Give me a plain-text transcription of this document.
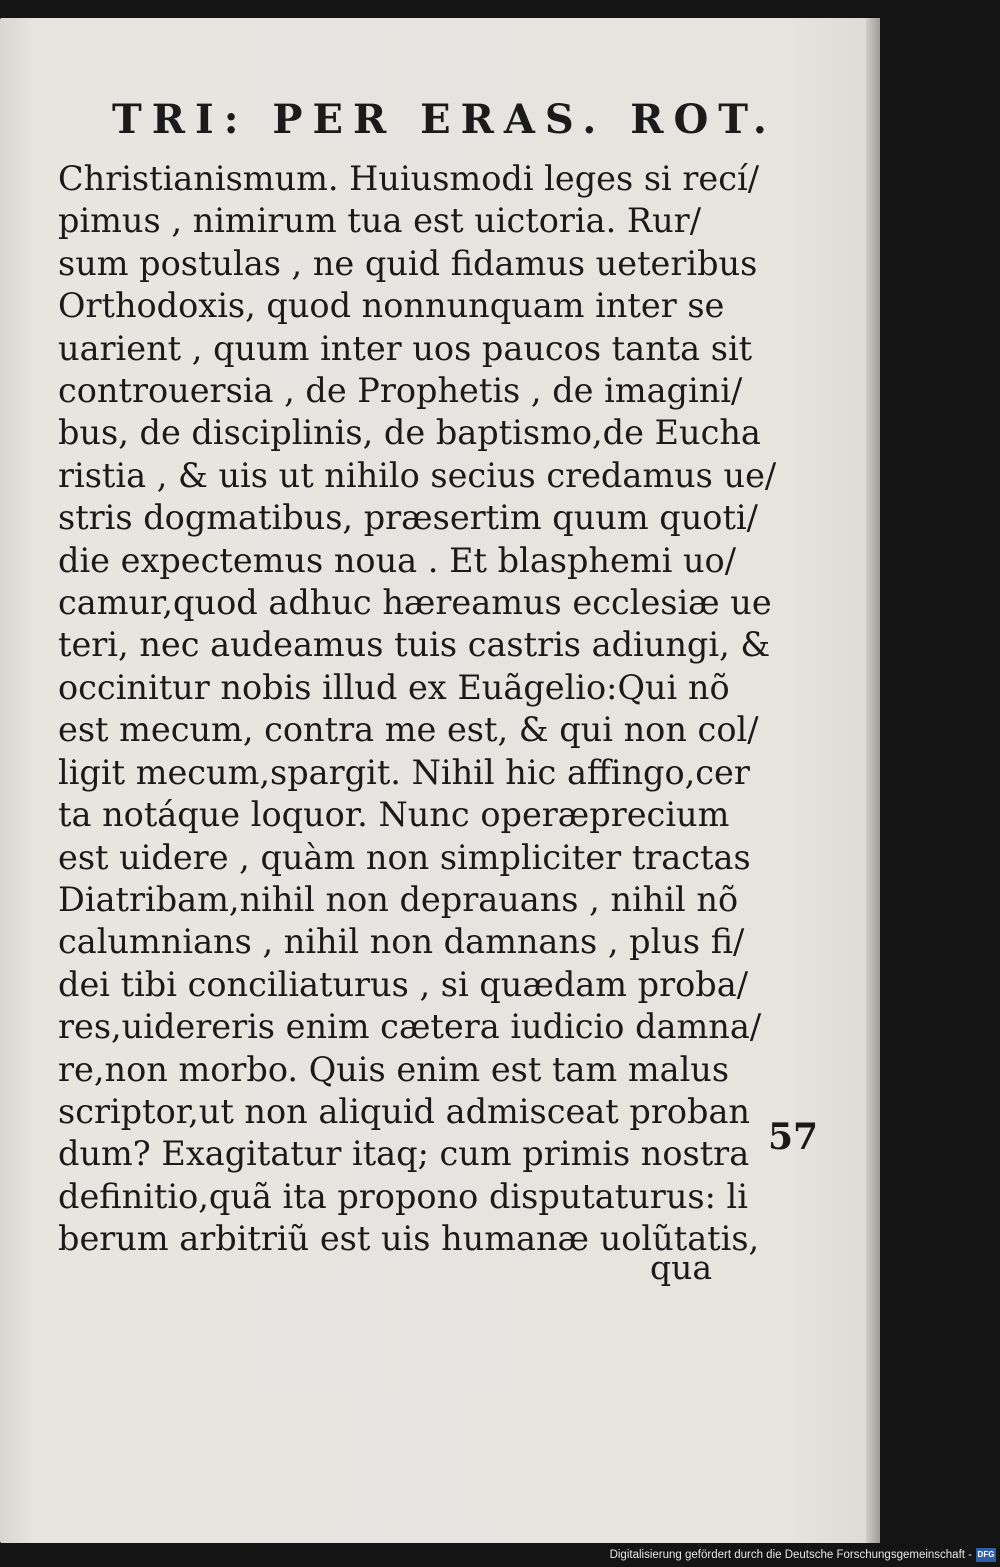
TRI: PER ERAS. ROT.
Christianismum. Huiusmodi leges si recí/
pimus , nimirum tua est uictoria. Rur/
sum postulas , ne quid fidamus ueteribus
Orthodoxis, quod nonnunquam inter se
uarient , quum inter uos paucos tanta sit
controuersia , de Prophetis , de imagini/
bus, de disciplinis, de baptismo,de Eucha
ristia , & uis ut nihilo secius credamus ue/
stris dogmatibus, præsertim quum quoti/
die expectemus noua . Et blasphemi uo/
camur,quod adhuc hæreamus ecclesiæ ue
teri, nec audeamus tuis castris adiungi, &
occinitur nobis illud ex Euãgelio:Qui nõ
est mecum, contra me est, & qui non col/
ligit mecum,spargit. Nihil hic affingo,cer
ta notáque loquor. Nunc operæprecium
est uidere , quàm non simpliciter tractas
Diatribam,nihil non deprauans , nihil nõ
calumnians , nihil non damnans , plus fi/
dei tibi conciliaturus , si quædam proba/
res,uidereris enim cætera iudicio damna/
re,non morbo. Quis enim est tam malus
scriptor,ut non aliquid admisceat proban
dum? Exagitatur itaq; cum primis nostra
definitio,quã ita propono disputaturus: li
berum arbitriũ est uis humanæ uolũtatis,
57
qua
Digitalisierung gefördert durch die Deutsche Forschungsgemeinschaft - DFG
